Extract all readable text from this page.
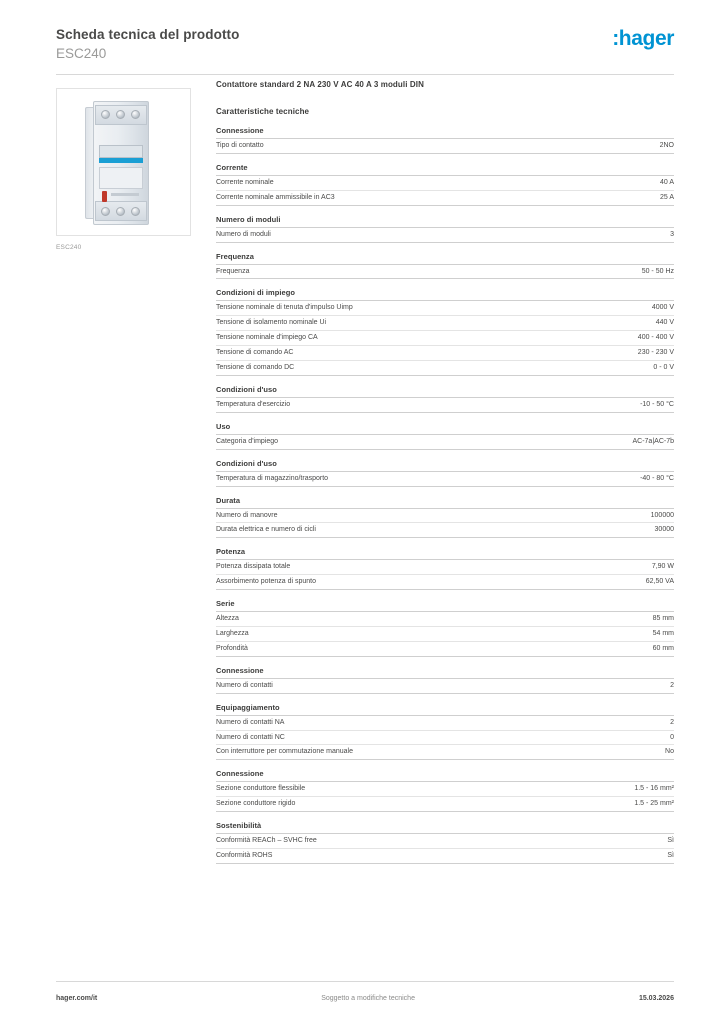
Scheda tecnica del prodotto
ESC240
:hager
ESC240
Contattore standard 2 NA 230 V AC 40 A 3 moduli DIN
Caratteristiche tecniche
Connessione
Tipo di contatto	2NO
Corrente
Corrente nominale	40 A
Corrente nominale ammissibile in AC3	25 A
Numero di moduli
Numero di moduli	3
Frequenza
Frequenza	50 - 50 Hz
Condizioni di impiego
Tensione nominale di tenuta d'impulso Uimp	4000 V
Tensione di isolamento nominale Ui	440 V
Tensione nominale d'impiego CA	400 - 400 V
Tensione di comando AC	230 - 230 V
Tensione di comando DC	0 - 0 V
Condizioni d'uso
Temperatura d'esercizio	-10 - 50 °C
Uso
Categoria d'impiego	AC-7a|AC-7b
Condizioni d'uso
Temperatura di magazzino/trasporto	-40 - 80 °C
Durata
Numero di manovre	100000
Durata elettrica e numero di cicli	30000
Potenza
Potenza dissipata totale	7,90 W
Assorbimento potenza di spunto	62,50 VA
Serie
Altezza	85 mm
Larghezza	54 mm
Profondità	60 mm
Connessione
Numero di contatti	2
Equipaggiamento
Numero di contatti NA	2
Numero di contatti NC	0
Con interruttore per commutazione manuale	No
Connessione
Sezione conduttore flessibile	1.5 - 16 mm²
Sezione conduttore rigido	1.5 - 25 mm²
Sostenibilità
Conformità REACh – SVHC free	Sì
Conformità ROHS	Sì
hager.com/it	Soggetto a modifiche tecniche	15.03.2026
